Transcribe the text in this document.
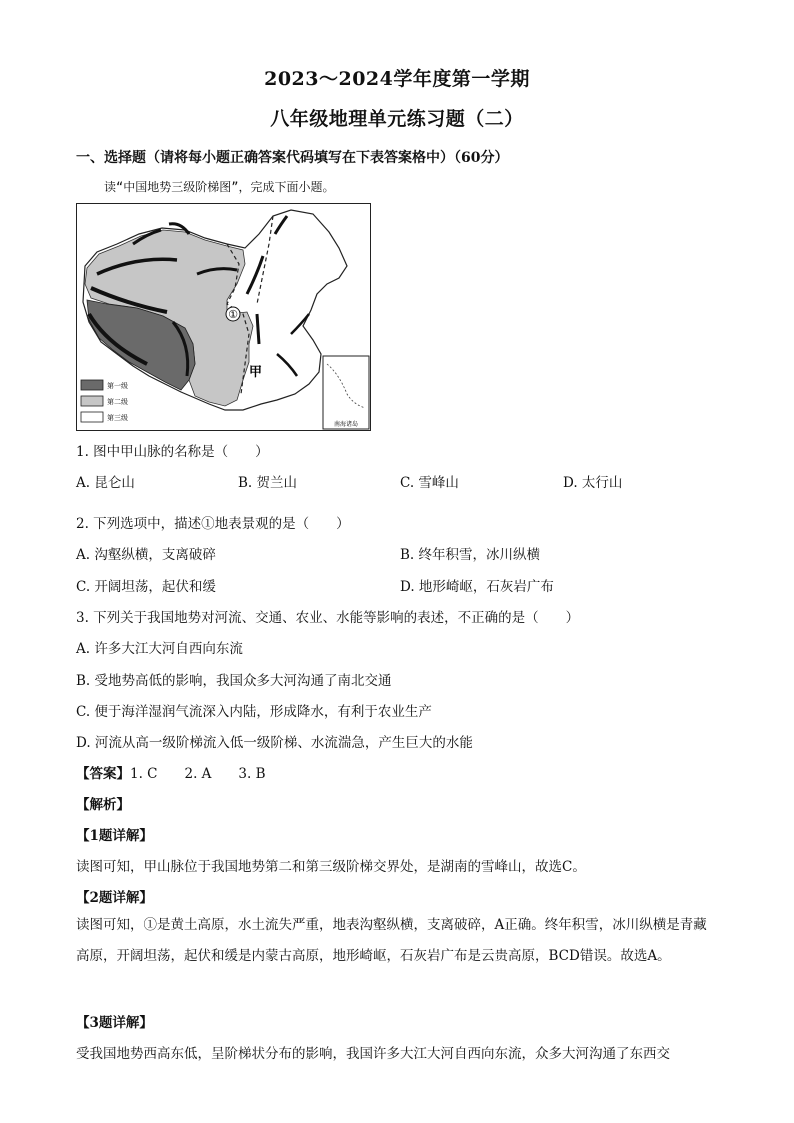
2023～2024学年度第一学期
八年级地理单元练习题（二）
一、选择题（请将每小题正确答案代码填写在下表答案格中）（60分）
读“中国地势三级阶梯图”，完成下面小题。
①
甲
南海诸岛
第一级
第二级
第三级
1. 图中甲山脉的名称是（　　）
A. 昆仑山	B. 贺兰山	C. 雪峰山	D. 太行山
2. 下列选项中，描述①地表景观的是（　　）
A. 沟壑纵横，支离破碎	B. 终年积雪，冰川纵横
C. 开阔坦荡，起伏和缓	D. 地形崎岖，石灰岩广布
3. 下列关于我国地势对河流、交通、农业、水能等影响的表述，不正确的是（　　）
A. 许多大江大河自西向东流
B. 受地势高低的影响，我国众多大河沟通了南北交通
C. 便于海洋湿润气流深入内陆，形成降水，有利于农业生产
D. 河流从高一级阶梯流入低一级阶梯、水流湍急，产生巨大的水能
【答案】1. C　　2. A　　3. B
【解析】
【1题详解】
读图可知，甲山脉位于我国地势第二和第三级阶梯交界处，是湖南的雪峰山，故选C。
【2题详解】
读图可知，①是黄土高原，水土流失严重，地表沟壑纵横，支离破碎，A正确。终年积雪，冰川纵横是青藏高原，开阔坦荡，起伏和缓是内蒙古高原，地形崎岖，石灰岩广布是云贵高原，BCD错误。故选A。
【3题详解】
受我国地势西高东低，呈阶梯状分布的影响，我国许多大江大河自西向东流，众多大河沟通了东西交
